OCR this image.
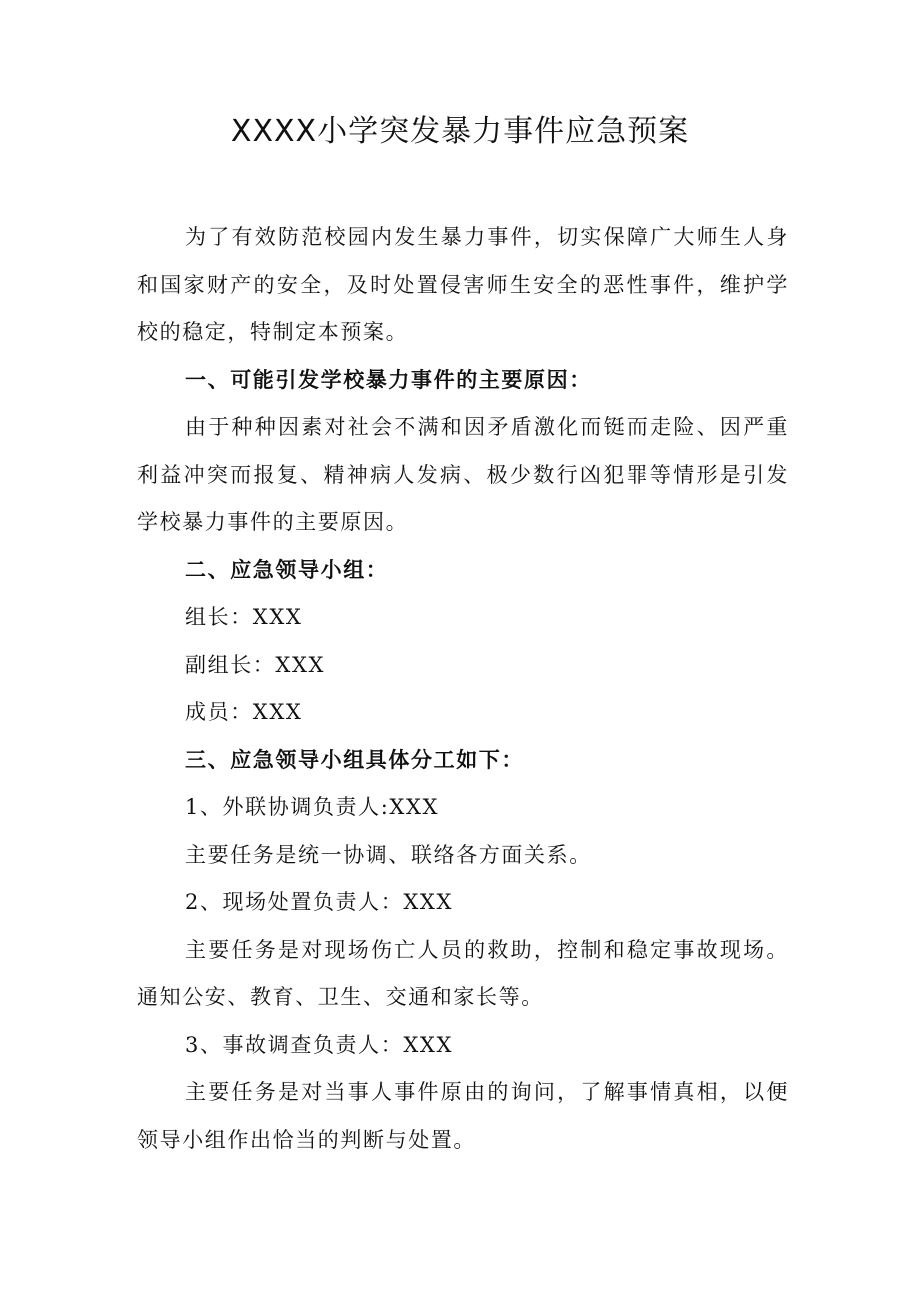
XXXX小学突发暴力事件应急预案

为了有效防范校园内发生暴力事件，切实保障广大师生人身和国家财产的安全，及时处置侵害师生安全的恶性事件，维护学校的稳定，特制定本预案。

一、可能引发学校暴力事件的主要原因：

由于种种因素对社会不满和因矛盾激化而铤而走险、因严重利益冲突而报复、精神病人发病、极少数行凶犯罪等情形是引发学校暴力事件的主要原因。

二、应急领导小组：

组长：XXX

副组长：XXX

成员：XXX

三、应急领导小组具体分工如下：

1、外联协调负责人:XXX

主要任务是统一协调、联络各方面关系。

2、现场处置负责人：XXX

主要任务是对现场伤亡人员的救助，控制和稳定事故现场。通知公安、教育、卫生、交通和家长等。

3、事故调查负责人：XXX

主要任务是对当事人事件原由的询问，了解事情真相，以便领导小组作出恰当的判断与处置。
